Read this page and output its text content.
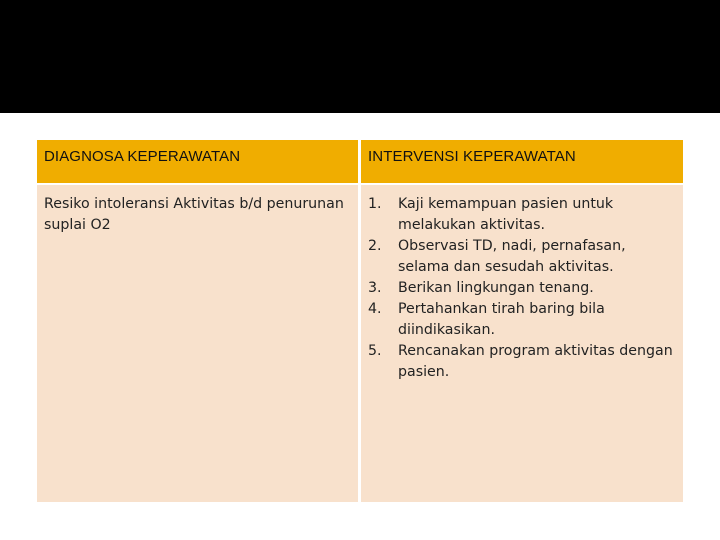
DIAGNOSA KEPERAWATAN	INTERVENSI KEPERAWATAN
Resiko intoleransi Aktivitas b/d penurunan suplai O2
1. Kaji kemampuan pasien untuk melakukan aktivitas.
2. Observasi TD, nadi, pernafasan, selama dan sesudah aktivitas.
3. Berikan lingkungan tenang.
4. Pertahankan tirah baring bila diindikasikan.
5. Rencanakan program aktivitas dengan pasien.
